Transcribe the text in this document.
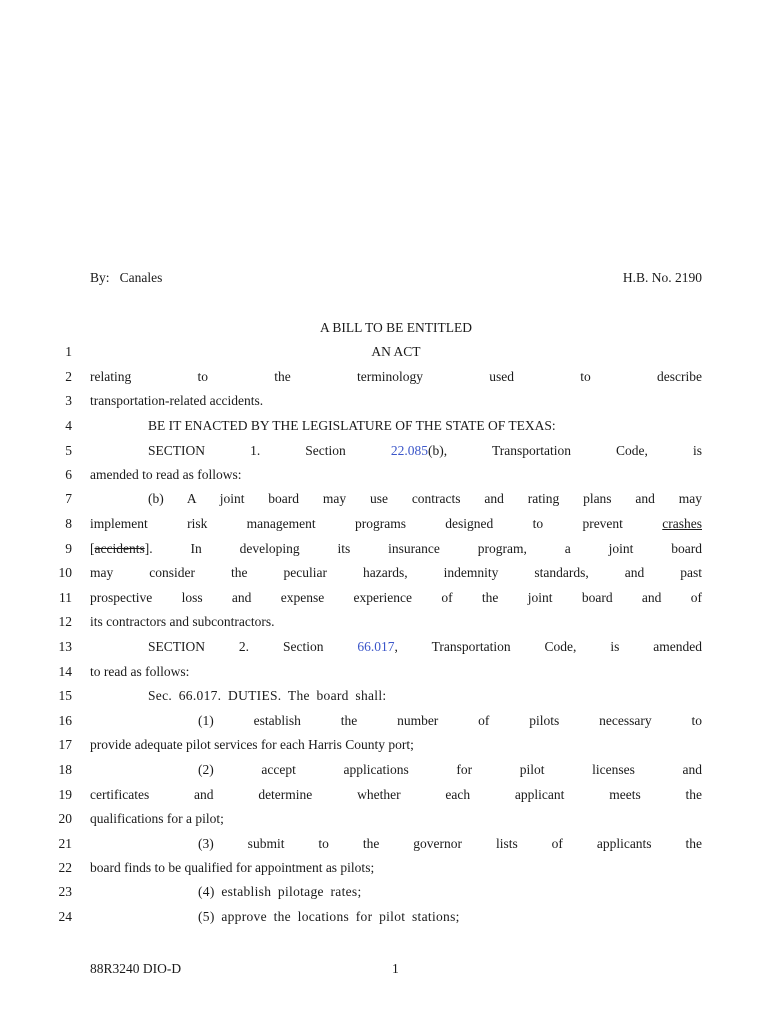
By: Canales	H.B. No. 2190
A BILL TO BE ENTITLED
1
2
3
4
5
6
7
8
9
10
11
12
13
14
15
16
17
18
19
20
21
22
23
24
AN ACT
relating to the terminology used to describe
transportation-related accidents.
BE IT ENACTED BY THE LEGISLATURE OF THE STATE OF TEXAS:
SECTION 1. Section 22.085(b), Transportation Code, is
amended to read as follows:
(b) A joint board may use contracts and rating plans and may
implement risk management programs designed to prevent crashes
[accidents]. In developing its insurance program, a joint board
may consider the peculiar hazards, indemnity standards, and past
prospective loss and expense experience of the joint board and of
its contractors and subcontractors.
SECTION 2. Section 66.017, Transportation Code, is amended
to read as follows:
Sec. 66.017. DUTIES. The board shall:
(1) establish the number of pilots necessary to
provide adequate pilot services for each Harris County port;
(2) accept applications for pilot licenses and
certificates and determine whether each applicant meets the
qualifications for a pilot;
(3) submit to the governor lists of applicants the
board finds to be qualified for appointment as pilots;
(4) establish pilotage rates;
(5) approve the locations for pilot stations;
88R3240 DIO-D	1
